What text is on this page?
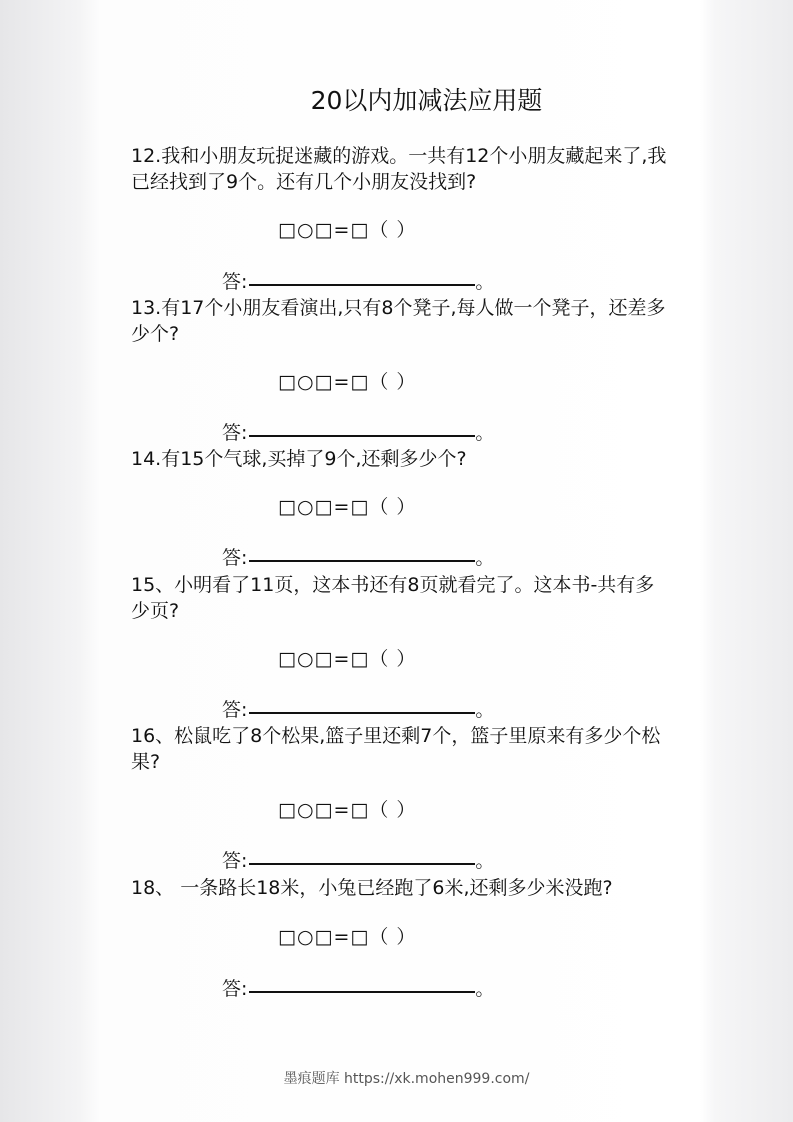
20以内加减法应用题
12.我和小朋友玩捉迷藏的游戏。一共有12个小朋友藏起来了,我已经找到了9个。还有几个小朋友没找到?
□○□=□（ ）
答:	。
13.有17个小朋友看演出,只有8个凳子,每人做一个凳子，还差多少个?
□○□=□（ ）
答:	。
14.有15个气球,买掉了9个,还剩多少个?
□○□=□（ ）
答:	。
15、小明看了11页，这本书还有8页就看完了。这本书-共有多少页?
□○□=□（ ）
答:	。
16、松鼠吃了8个松果,篮子里还剩7个，篮子里原来有多少个松果?
□○□=□（ ）
答:	。
18、 一条路长18米，小兔已经跑了6米,还剩多少米没跑?
□○□=□（ ）
答:	。
墨痕题库 https://xk.mohen999.com/
